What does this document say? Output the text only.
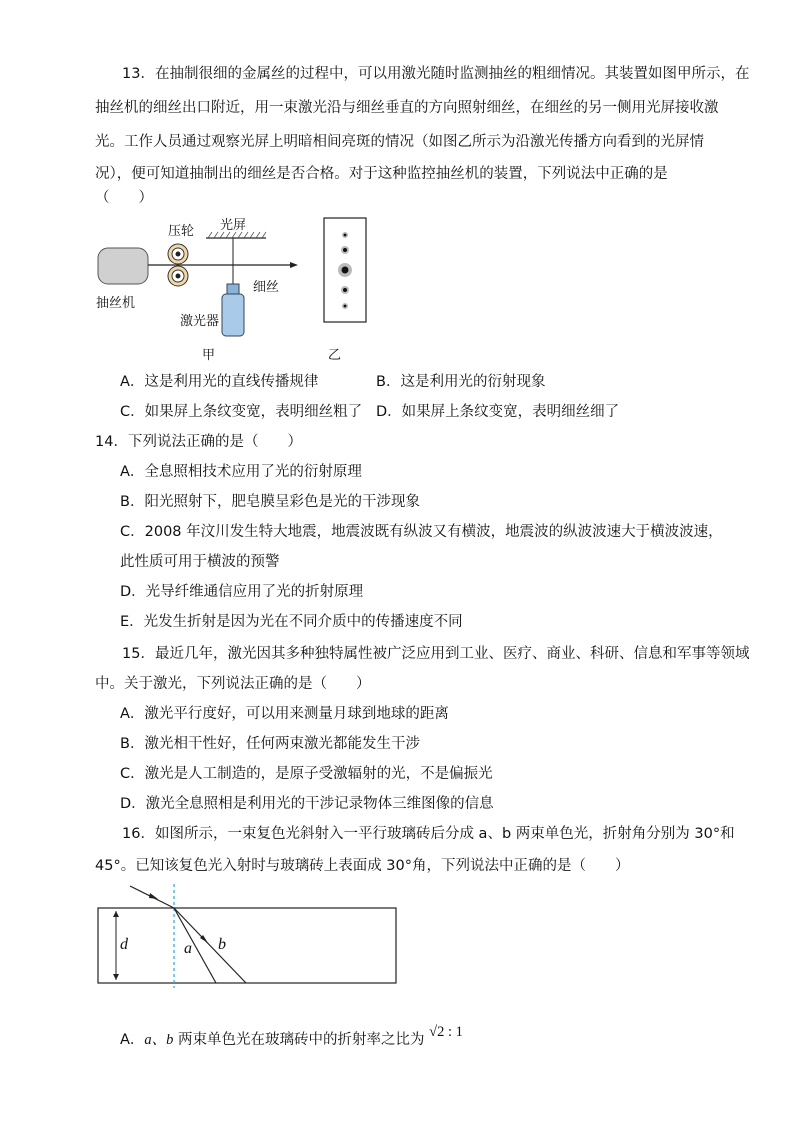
13．在抽制很细的金属丝的过程中，可以用激光随时监测抽丝的粗细情况。其装置如图甲所示，在
抽丝机的细丝出口附近，用一束激光沿与细丝垂直的方向照射细丝，在细丝的另一侧用光屏接收激
光。工作人员通过观察光屏上明暗相间亮斑的情况（如图乙所示为沿激光传播方向看到的光屏情
况），便可知道抽制出的细丝是否合格。对于这种监控抽丝机的装置，下列说法中正确的是
（　　）
压轮 光屏
细丝
激光器
抽丝机
甲	乙
A．这是利用光的直线传播规律	B．这是利用光的衍射现象
C．如果屏上条纹变宽，表明细丝粗了 D．如果屏上条纹变宽，表明细丝细了
14．下列说法正确的是（　　）
A．全息照相技术应用了光的衍射原理
B．阳光照射下，肥皂膜呈彩色是光的干涉现象
C．2008 年汶川发生特大地震，地震波既有纵波又有横波，地震波的纵波波速大于横波波速，
此性质可用于横波的预警
D．光导纤维通信应用了光的折射原理
E．光发生折射是因为光在不同介质中的传播速度不同
15．最近几年，激光因其多种独特属性被广泛应用到工业、医疗、商业、科研、信息和军事等领域
中。关于激光，下列说法正确的是（　　）
A．激光平行度好，可以用来测量月球到地球的距离
B．激光相干性好，任何两束激光都能发生干涉
C．激光是人工制造的，是原子受激辐射的光，不是偏振光
D．激光全息照相是利用光的干涉记录物体三维图像的信息
16．如图所示，一束复色光斜射入一平行玻璃砖后分成 a、b 两束单色光，折射角分别为 30°和
45°。已知该复色光入射时与玻璃砖上表面成 30°角，下列说法中正确的是（　　）
d	a b
A．a、b 两束单色光在玻璃砖中的折射率之比为 √2 : 1
